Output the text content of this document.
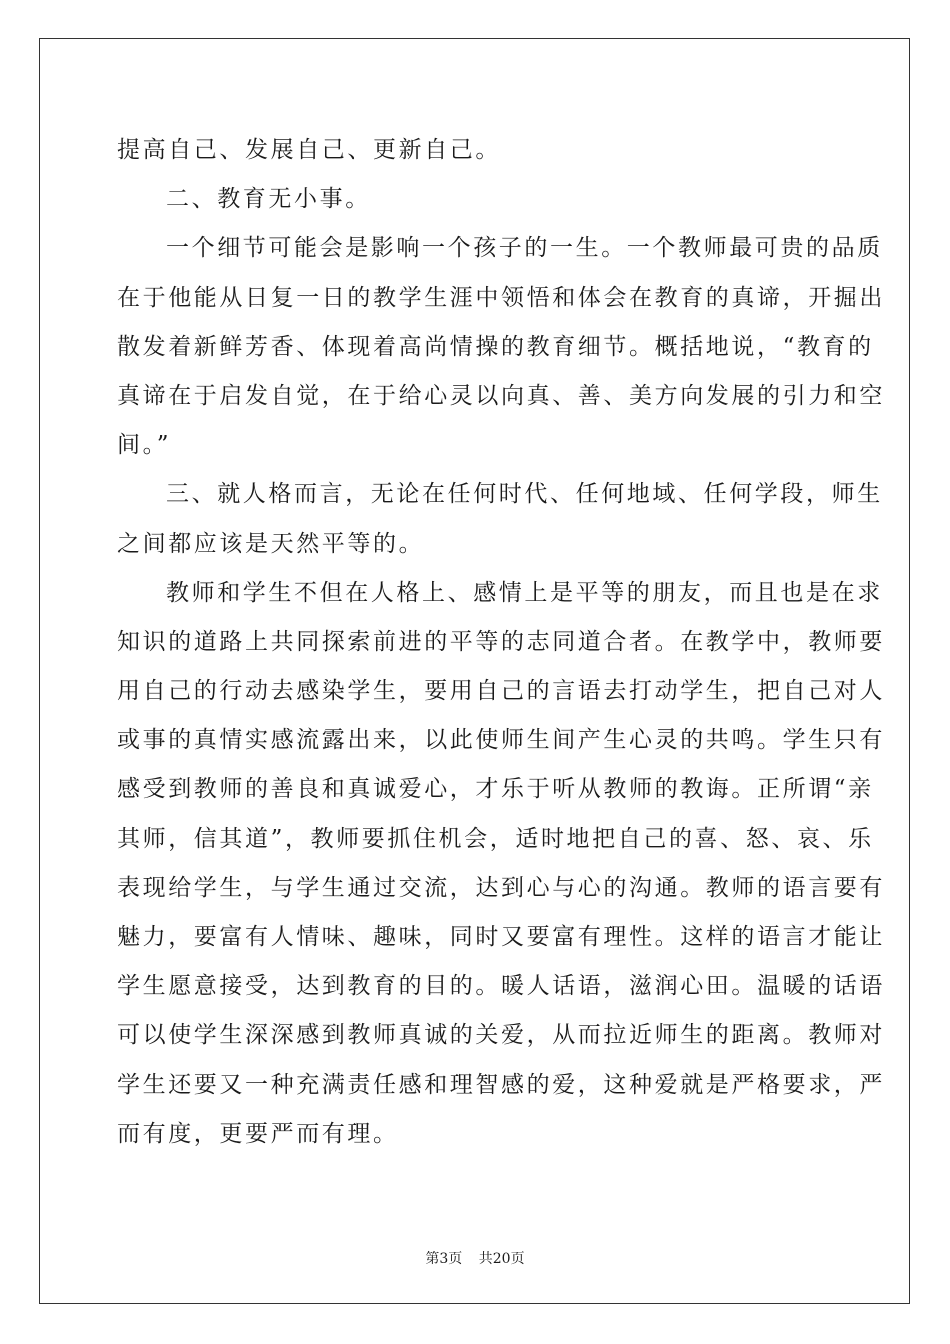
提高自己、发展自己、更新自己。
二、教育无小事。
一个细节可能会是影响一个孩子的一生。一个教师最可贵的品质
在于他能从日复一日的教学生涯中领悟和体会在教育的真谛，开掘出
散发着新鲜芳香、体现着高尚情操的教育细节。概括地说，“教育的
真谛在于启发自觉，在于给心灵以向真、善、美方向发展的引力和空
间。”
三、就人格而言，无论在任何时代、任何地域、任何学段，师生
之间都应该是天然平等的。
教师和学生不但在人格上、感情上是平等的朋友，而且也是在求
知识的道路上共同探索前进的平等的志同道合者。在教学中，教师要
用自己的行动去感染学生，要用自己的言语去打动学生，把自己对人
或事的真情实感流露出来，以此使师生间产生心灵的共鸣。学生只有
感受到教师的善良和真诚爱心，才乐于听从教师的教诲。正所谓“亲
其师，信其道”，教师要抓住机会，适时地把自己的喜、怒、哀、乐
表现给学生，与学生通过交流，达到心与心的沟通。教师的语言要有
魅力，要富有人情味、趣味，同时又要富有理性。这样的语言才能让
学生愿意接受，达到教育的目的。暖人话语，滋润心田。温暖的话语
可以使学生深深感到教师真诚的关爱，从而拉近师生的距离。教师对
学生还要又一种充满责任感和理智感的爱，这种爱就是严格要求，严
而有度，更要严而有理。
第3页 共20页
